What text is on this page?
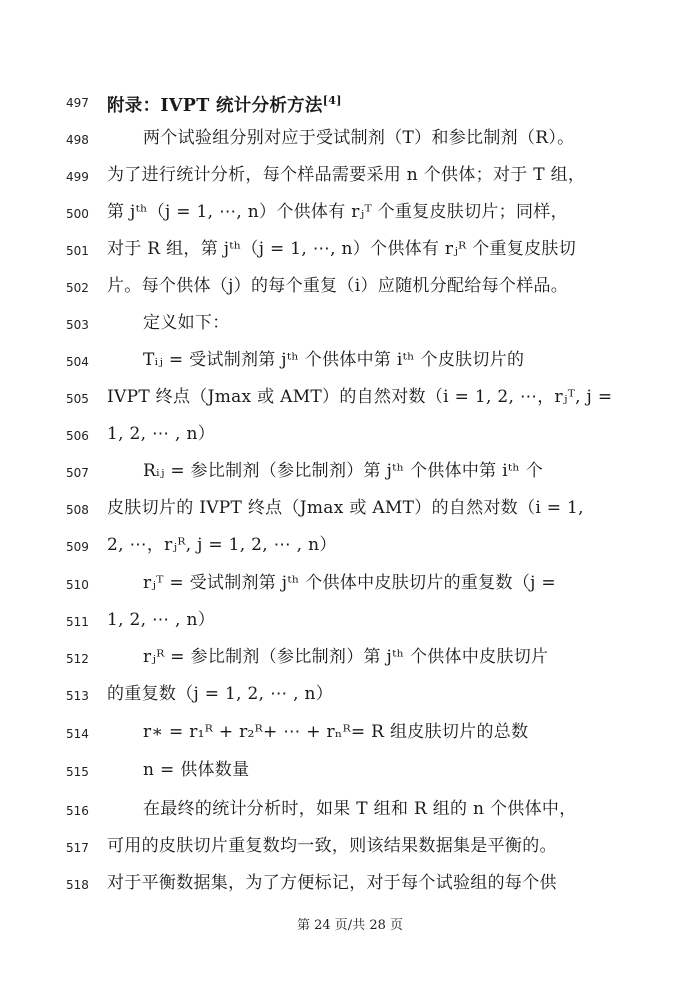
497	附录：IVPT 统计分析方法[4]
498	两个试验组分别对应于受试制剂（T）和参比制剂（R）。
499	为了进行统计分析，每个样品需要采用 n 个供体；对于 T 组，
500	第 jᵗʰ（j = 1, ⋯, n）个供体有 rⱼᵀ 个重复皮肤切片；同样，
501	对于 R 组，第 jᵗʰ（j = 1, ⋯, n）个供体有 rⱼᴿ 个重复皮肤切
502	片。每个供体（j）的每个重复（i）应随机分配给每个样品。
503	定义如下：
504	Tᵢⱼ = 受试制剂第 jᵗʰ 个供体中第 iᵗʰ 个皮肤切片的
505	IVPT 终点（Jmax 或 AMT）的自然对数（i = 1, 2, ⋯，rⱼᵀ, j =
506	1, 2, ⋯ , n）
507	Rᵢⱼ = 参比制剂（参比制剂）第 jᵗʰ 个供体中第 iᵗʰ 个
508	皮肤切片的 IVPT 终点（Jmax 或 AMT）的自然对数（i = 1,
509	2, ⋯，rⱼᴿ, j = 1, 2, ⋯ , n）
510	rⱼᵀ = 受试制剂第 jᵗʰ 个供体中皮肤切片的重复数（j =
511	1, 2, ⋯ , n）
512	rⱼᴿ = 参比制剂（参比制剂）第 jᵗʰ 个供体中皮肤切片
513	的重复数（j = 1, 2, ⋯ , n）
514	r∗ = r₁ᴿ + r₂ᴿ+ ⋯ + rₙᴿ= R 组皮肤切片的总数
515	n = 供体数量
516	在最终的统计分析时，如果 T 组和 R 组的 n 个供体中，
517	可用的皮肤切片重复数均一致，则该结果数据集是平衡的。
518	对于平衡数据集，为了方便标记，对于每个试验组的每个供
第 24 页/共 28 页
